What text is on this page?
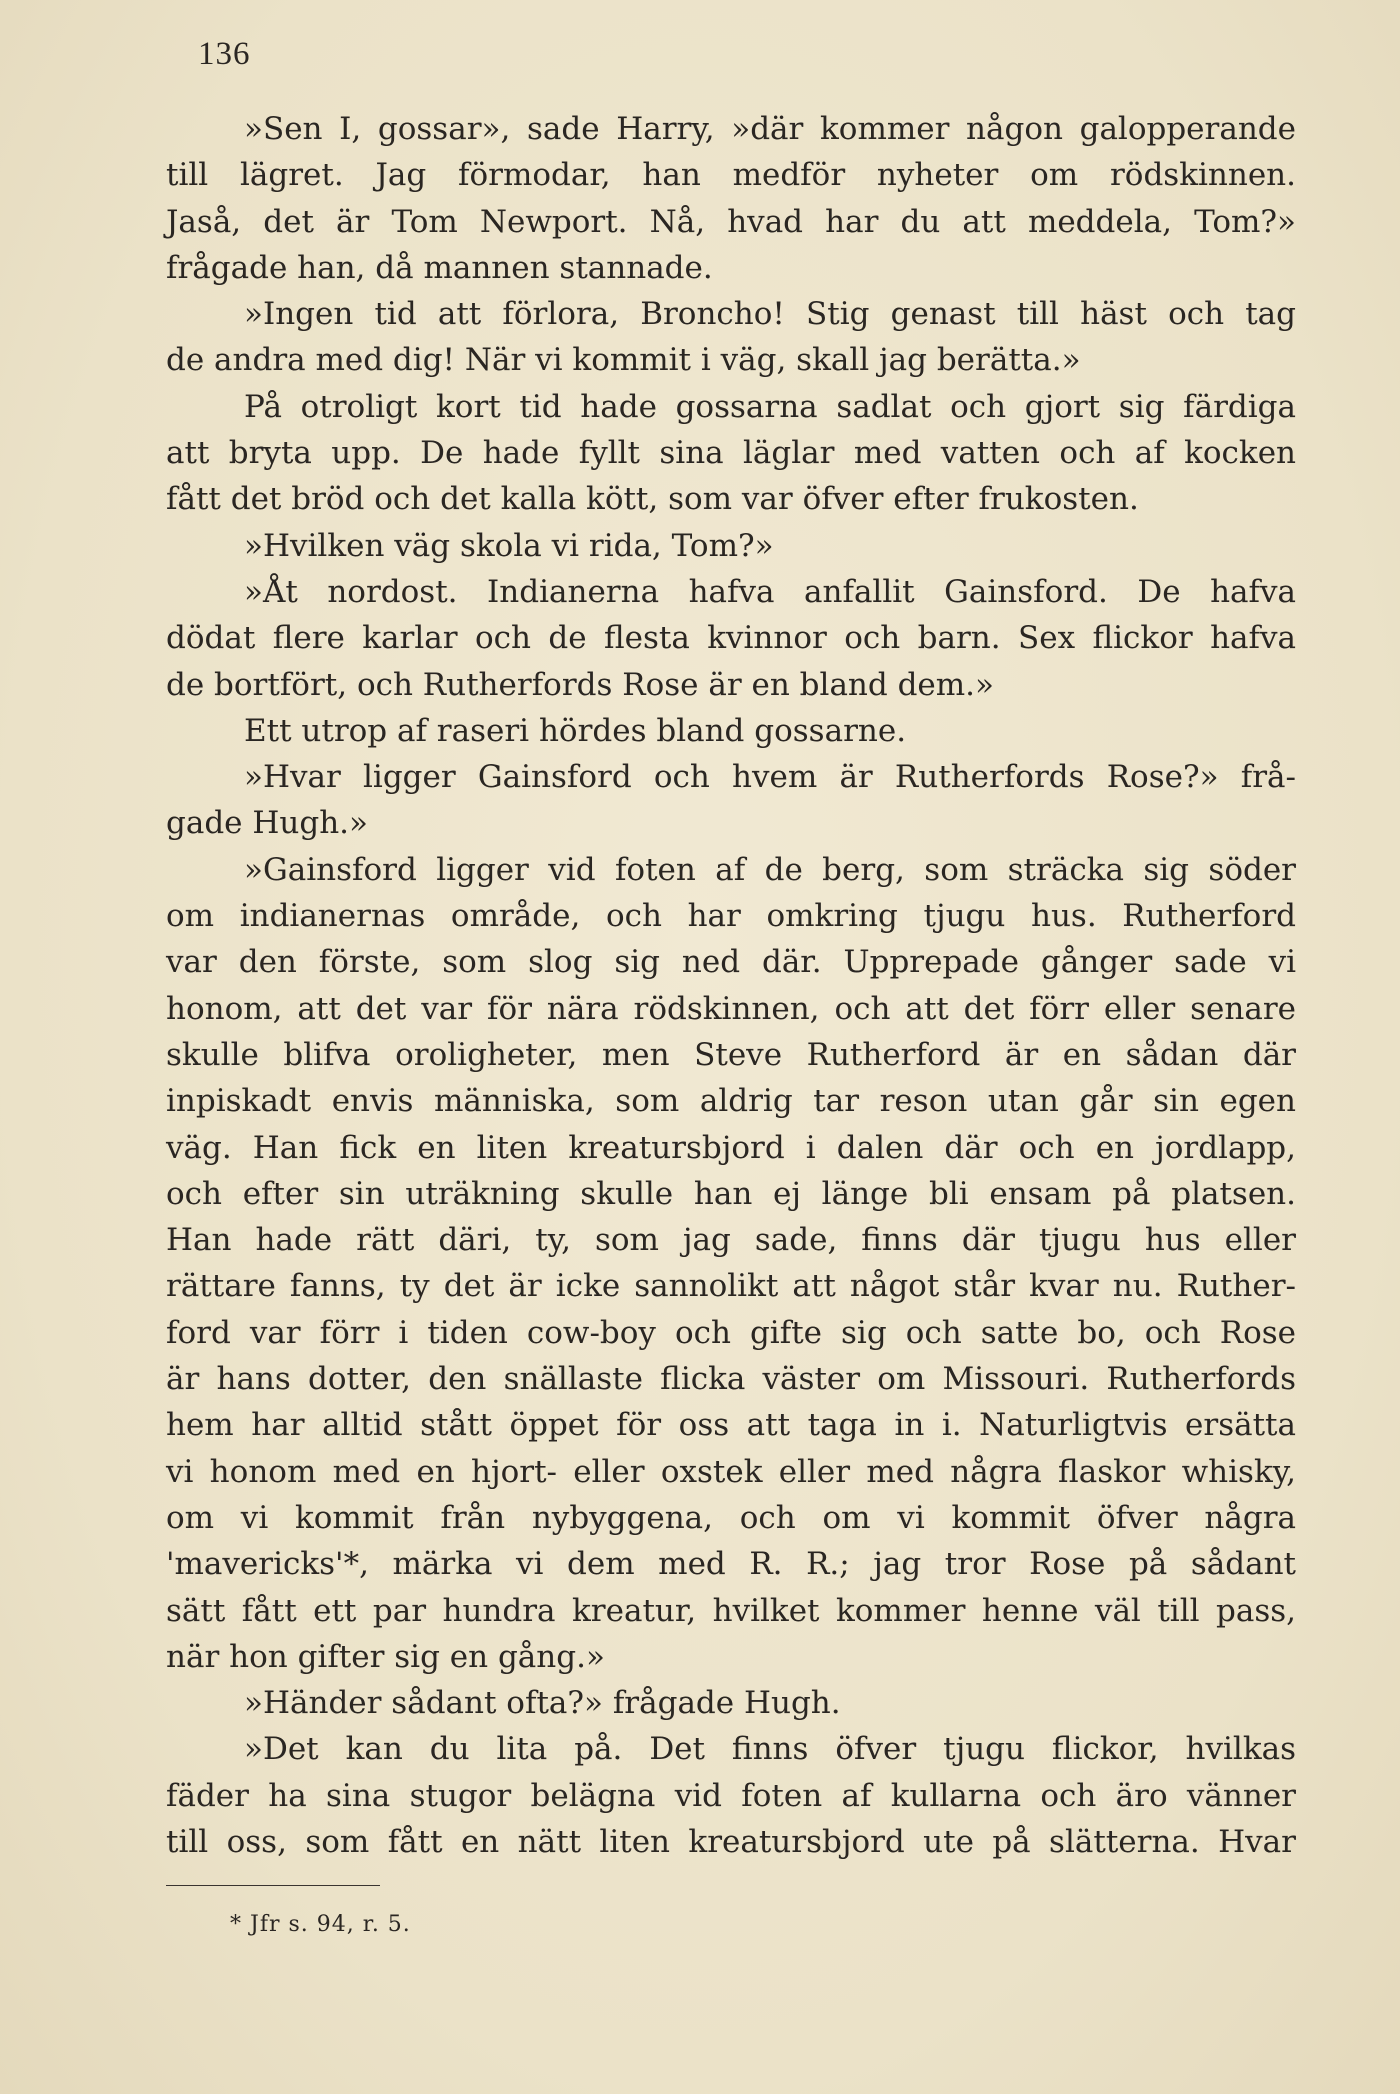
136
»Sen I, gossar», sade Harry, »där kommer någon galopperande
till lägret. Jag förmodar, han medför nyheter om rödskinnen.
Jaså, det är Tom Newport. Nå, hvad har du att meddela, Tom?»
frågade han, då mannen stannade.
»Ingen tid att förlora, Broncho! Stig genast till häst och tag
de andra med dig! När vi kommit i väg, skall jag berätta.»
På otroligt kort tid hade gossarna sadlat och gjort sig färdiga
att bryta upp. De hade fyllt sina läglar med vatten och af kocken
fått det bröd och det kalla kött, som var öfver efter frukosten.
»Hvilken väg skola vi rida, Tom?»
»Åt nordost. Indianerna hafva anfallit Gainsford. De hafva
dödat flere karlar och de flesta kvinnor och barn. Sex flickor hafva
de bortfört, och Rutherfords Rose är en bland dem.»
Ett utrop af raseri hördes bland gossarne.
»Hvar ligger Gainsford och hvem är Rutherfords Rose?» frå-
gade Hugh.»
»Gainsford ligger vid foten af de berg, som sträcka sig söder
om indianernas område, och har omkring tjugu hus. Rutherford
var den förste, som slog sig ned där. Upprepade gånger sade vi
honom, att det var för nära rödskinnen, och att det förr eller senare
skulle blifva oroligheter, men Steve Rutherford är en sådan där
inpiskadt envis människa, som aldrig tar reson utan går sin egen
väg. Han fick en liten kreatursbjord i dalen där och en jordlapp,
och efter sin uträkning skulle han ej länge bli ensam på platsen.
Han hade rätt däri, ty, som jag sade, finns där tjugu hus eller
rättare fanns, ty det är icke sannolikt att något står kvar nu. Ruther-
ford var förr i tiden cow-boy och gifte sig och satte bo, och Rose
är hans dotter, den snällaste flicka väster om Missouri. Rutherfords
hem har alltid stått öppet för oss att taga in i. Naturligtvis ersätta
vi honom med en hjort- eller oxstek eller med några flaskor whisky,
om vi kommit från nybyggena, och om vi kommit öfver några
'mavericks'*, märka vi dem med R. R.; jag tror Rose på sådant
sätt fått ett par hundra kreatur, hvilket kommer henne väl till pass,
när hon gifter sig en gång.»
»Händer sådant ofta?» frågade Hugh.
»Det kan du lita på. Det finns öfver tjugu flickor, hvilkas
fäder ha sina stugor belägna vid foten af kullarna och äro vänner
till oss, som fått en nätt liten kreatursbjord ute på slätterna. Hvar
* Jfr s. 94, r. 5.
